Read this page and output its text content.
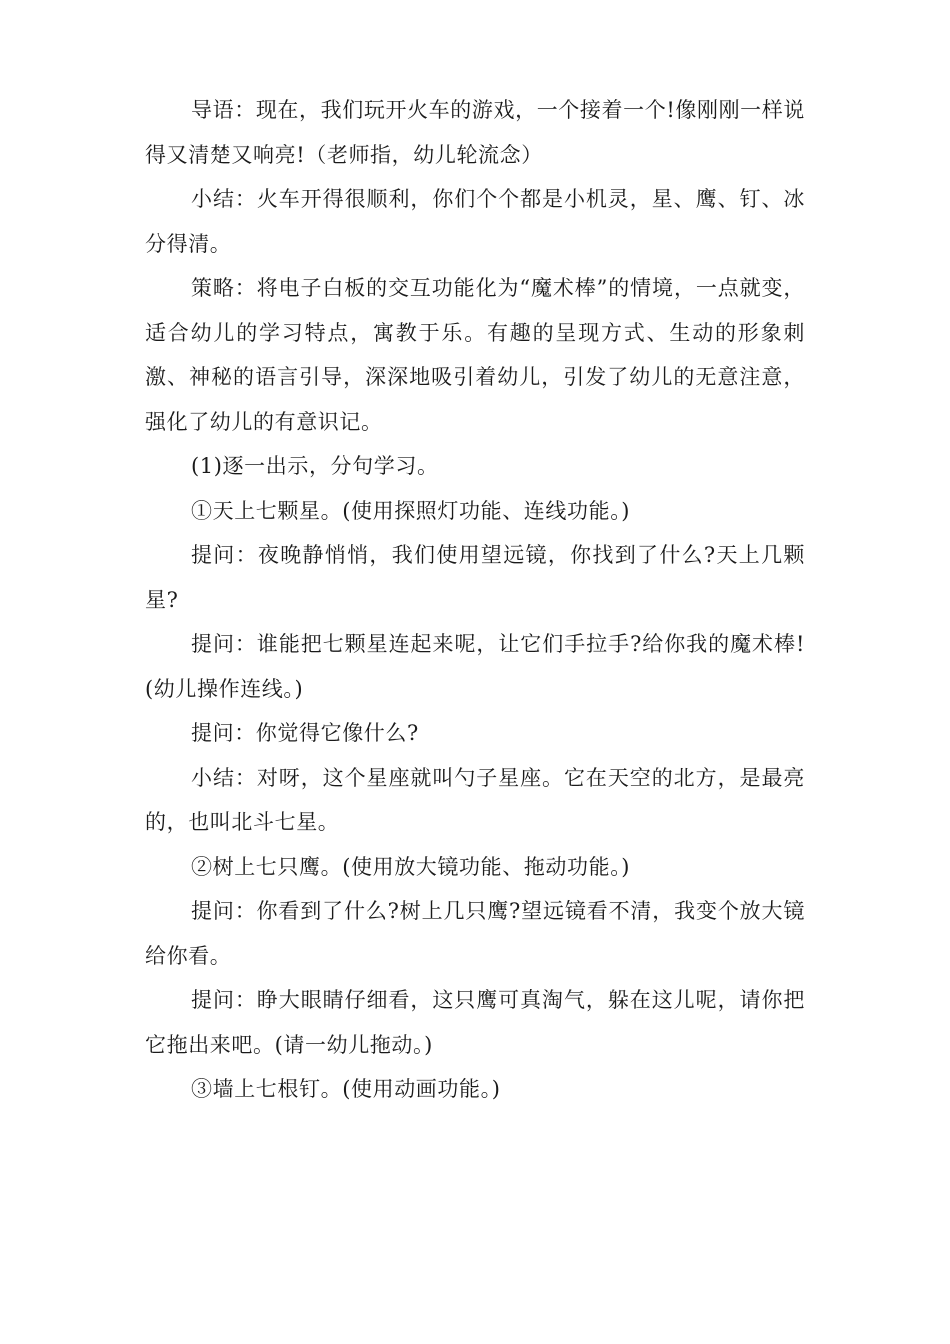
导语：现在，我们玩开火车的游戏，一个接着一个!像刚刚一样说得又清楚又响亮!（老师指，幼儿轮流念）

小结：火车开得很顺利，你们个个都是小机灵，星、鹰、钉、冰分得清。

策略：将电子白板的交互功能化为“魔术棒”的情境，一点就变，适合幼儿的学习特点，寓教于乐。有趣的呈现方式、生动的形象刺激、神秘的语言引导，深深地吸引着幼儿，引发了幼儿的无意注意，强化了幼儿的有意识记。

(1)逐一出示，分句学习。

①天上七颗星。(使用探照灯功能、连线功能。)

提问：夜晚静悄悄，我们使用望远镜，你找到了什么?天上几颗星?

提问：谁能把七颗星连起来呢，让它们手拉手?给你我的魔术棒!(幼儿操作连线。)

提问：你觉得它像什么?

小结：对呀，这个星座就叫勺子星座。它在天空的北方，是最亮的，也叫北斗七星。

②树上七只鹰。(使用放大镜功能、拖动功能。)

提问：你看到了什么?树上几只鹰?望远镜看不清，我变个放大镜给你看。

提问：睁大眼睛仔细看，这只鹰可真淘气，躲在这儿呢，请你把它拖出来吧。(请一幼儿拖动。)

③墙上七根钉。(使用动画功能。)
